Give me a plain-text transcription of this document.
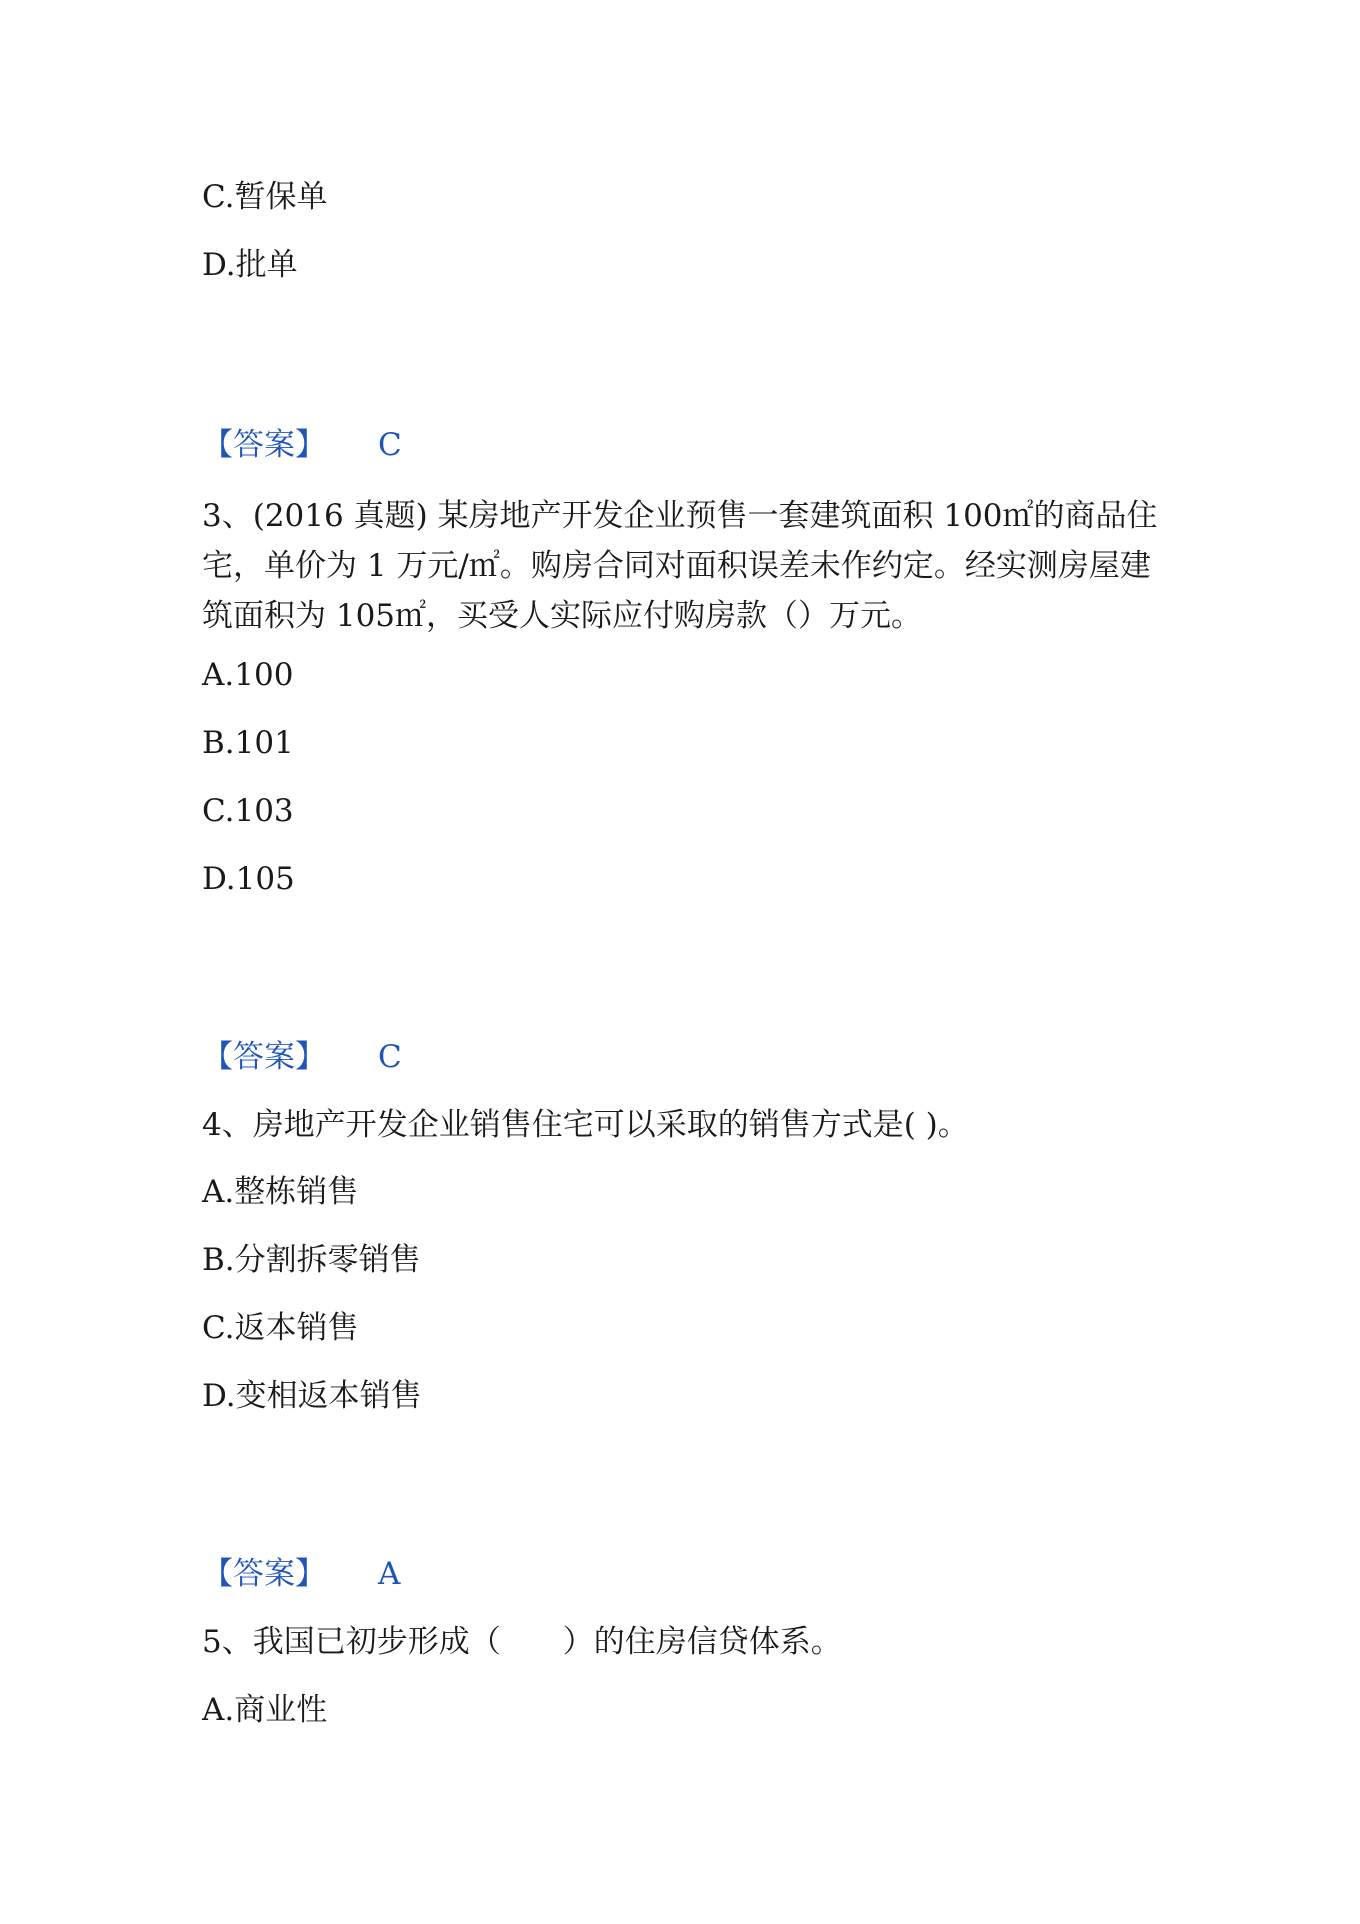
C.暂保单
D.批单
【答案】 C
3、(2016 真题) 某房地产开发企业预售一套建筑面积 100㎡的商品住宅，单价为 1 万元/㎡。购房合同对面积误差未作约定。经实测房屋建筑面积为 105㎡，买受人实际应付购房款（）万元。
A.100
B.101
C.103
D.105
【答案】 C
4、房地产开发企业销售住宅可以采取的销售方式是( )。
A.整栋销售
B.分割拆零销售
C.返本销售
D.变相返本销售
【答案】 A
5、我国已初步形成（　　）的住房信贷体系。
A.商业性
